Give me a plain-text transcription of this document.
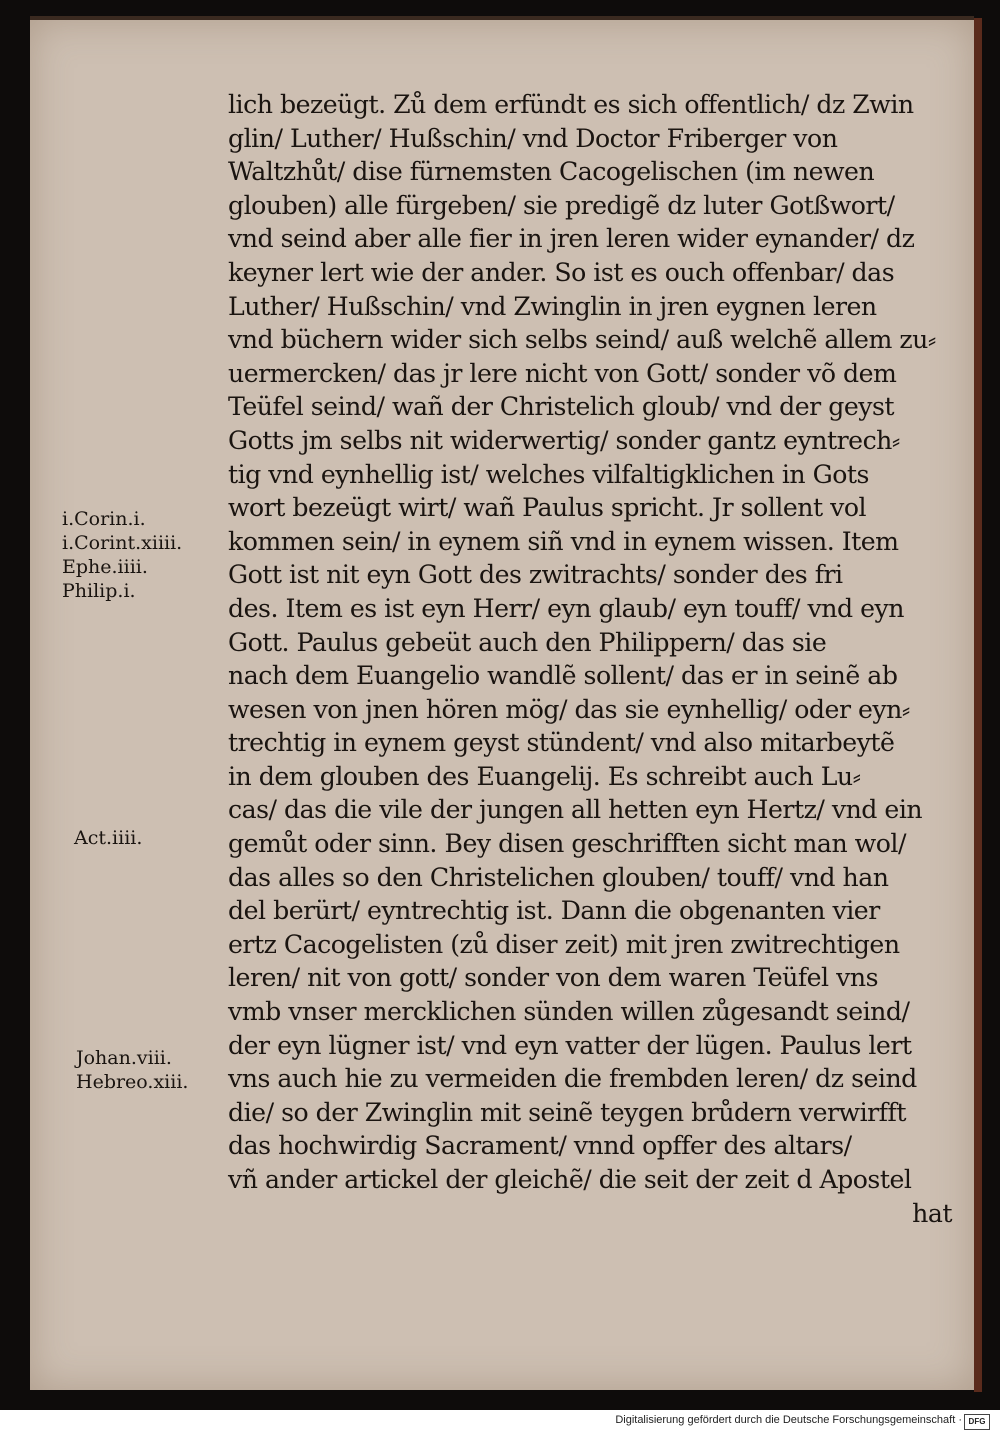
lich bezeügt. Zů dem erfündt es sich offentlich/ dz Zwin
glin/ Luther/ Hußschin/ vnd Doctor Friberger von
Waltzhůt/ dise fürnemsten Cacogelischen (im newen
glouben) alle fürgeben/ sie predigẽ dz luter Gotßwort/
vnd seind aber alle fier in jren leren wider eynander/ dz
keyner lert wie der ander. So ist es ouch offenbar/ das
Luther/ Hußschin/ vnd Zwinglin in jren eygnen leren
vnd büchern wider sich selbs seind/ auß welchẽ allem zu⸗
uermercken/ das jr lere nicht von Gott/ sonder võ dem
Teüfel seind/ wañ der Christelich gloub/ vnd der geyst
Gotts jm selbs nit widerwertig/ sonder gantz eyntrech⸗
tig vnd eynhellig ist/ welches vilfaltigklichen in Gots
wort bezeügt wirt/ wañ Paulus spricht. Jr sollent vol
kommen sein/ in eynem siñ vnd in eynem wissen. Item
Gott ist nit eyn Gott des zwitrachts/ sonder des fri
des. Item es ist eyn Herr/ eyn glaub/ eyn touff/ vnd eyn
Gott. Paulus gebeüt auch den Philippern/ das sie
nach dem Euangelio wandlẽ sollent/ das er in seinẽ ab
wesen von jnen hören mög/ das sie eynhellig/ oder eyn⸗
trechtig in eynem geyst stündent/ vnd also mitarbeytẽ
in dem glouben des Euangelij. Es schreibt auch Lu⸗
cas/ das die vile der jungen all hetten eyn Hertz/ vnd ein
gemůt oder sinn. Bey disen geschrifften sicht man wol/
das alles so den Christelichen glouben/ touff/ vnd han
del berürt/ eyntrechtig ist. Dann die obgenanten vier
ertz Cacogelisten (zů diser zeit) mit jren zwitrechtigen
leren/ nit von gott/ sonder von dem waren Teüfel vns
vmb vnser mercklichen sünden willen zůgesandt seind/
der eyn lügner ist/ vnd eyn vatter der lügen. Paulus lert
vns auch hie zu vermeiden die frembden leren/ dz seind
die/ so der Zwinglin mit seinẽ teygen brůdern verwirfft
das hochwirdig Sacrament/ vnnd opffer des altars/
vñ ander artickel der gleichẽ/ die seit der zeit d Apostel
hat
i.Corin.i.
i.Corint.xiiii.
Ephe.iiii.
Philip.i.
Act.iiii.
Johan.viii.
Hebreo.xiii.
Digitalisierung gefördert durch die Deutsche Forschungsgemeinschaft · DFG
